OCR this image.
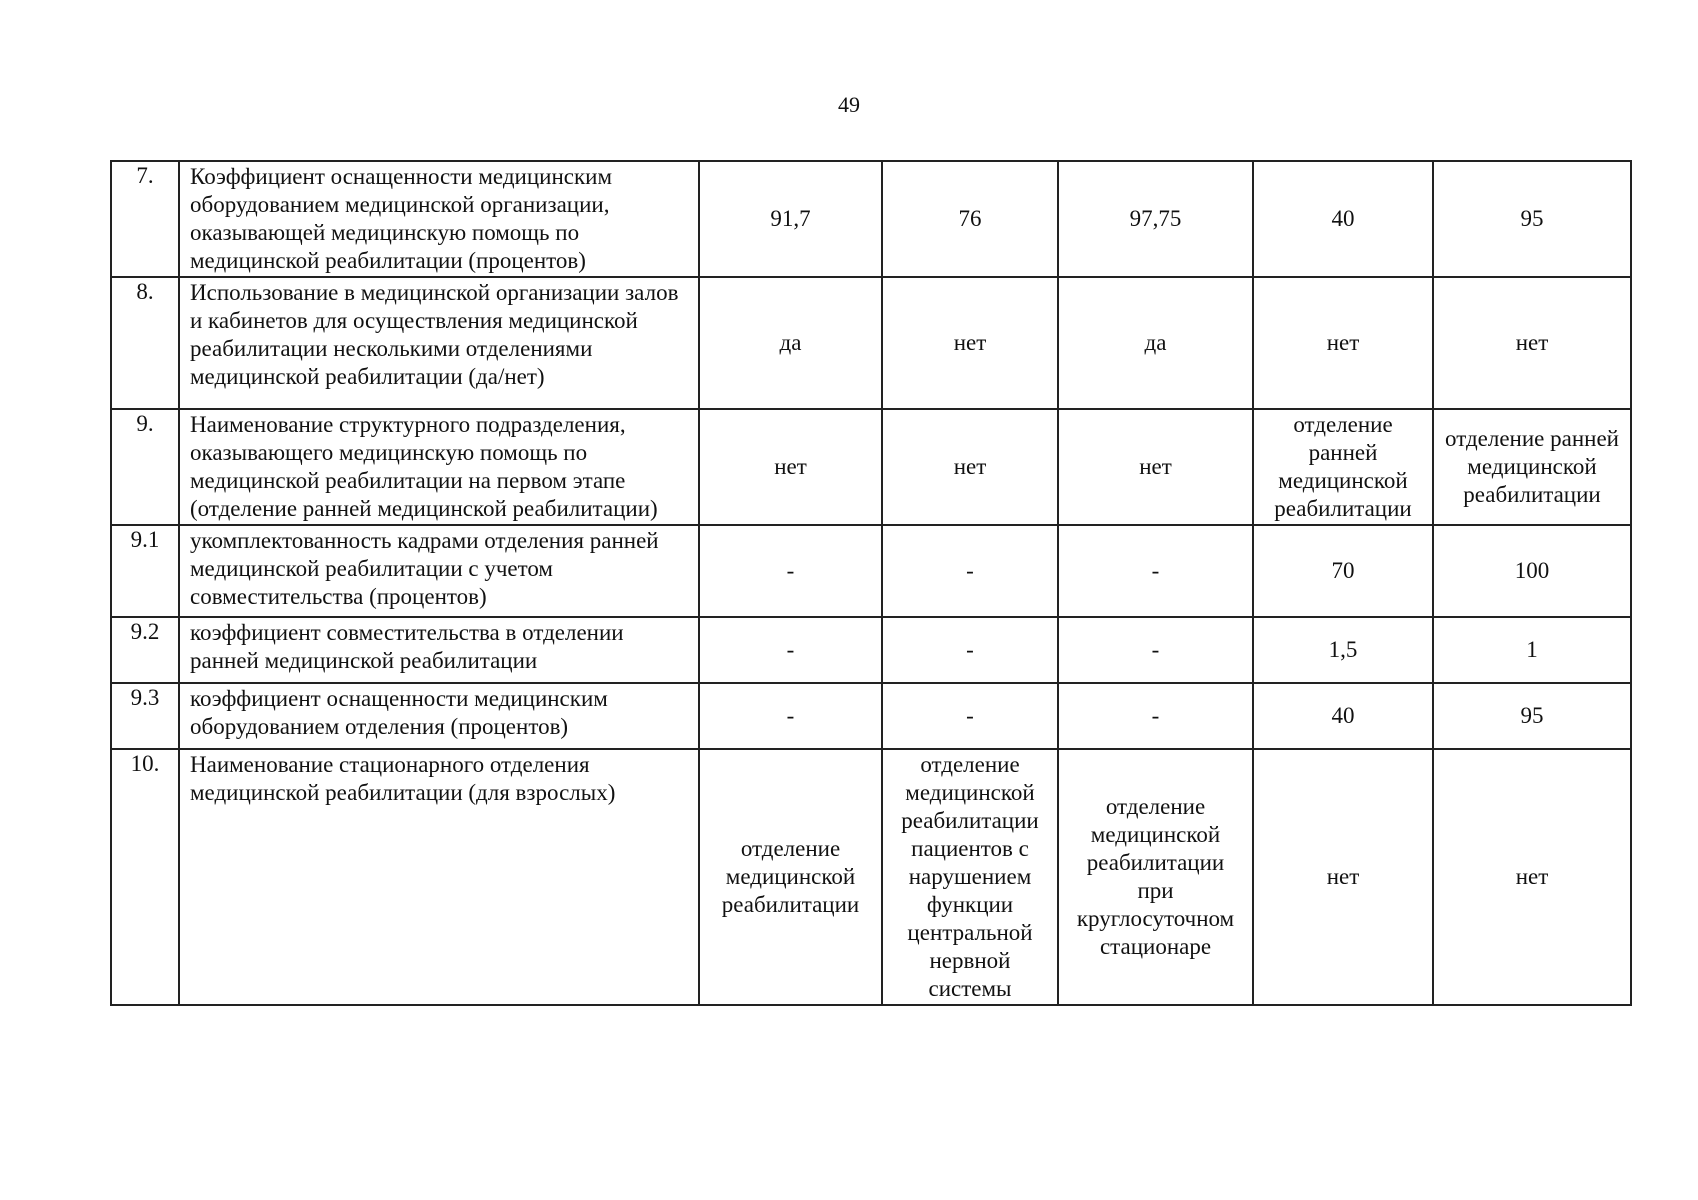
49
7.	Коэффициент оснащенности медицинским оборудованием медицинской организации, оказывающей медицинскую помощь по медицинской реабилитации (процентов)	91,7	76	97,75	40	95
8.	Использование в медицинской организации залов и кабинетов для осуществления медицинской реабилитации несколькими отделениями медицинской реабилитации (да/нет)	да	нет	да	нет	нет
9.	Наименование структурного подразделения, оказывающего медицинскую помощь по медицинской реабилитации на первом этапе (отделение ранней медицинской реабилитации)	нет	нет	нет	отделение ранней медицинской реабилитации	отделение ранней медицинской реабилитации
9.1	укомплектованность кадрами отделения ранней медицинской реабилитации с учетом совместительства (процентов)	-	-	-	70	100
9.2	коэффициент совместительства в отделении ранней медицинской реабилитации	-	-	-	1,5	1
9.3	коэффициент оснащенности медицинским оборудованием отделения (процентов)	-	-	-	40	95
10.	Наименование стационарного отделения медицинской реабилитации (для взрослых)	отделение медицинской реабилитации	отделение медицинской реабилитации пациентов с нарушением функции центральной нервной системы	отделение медицинской реабилитации при круглосуточном стационаре	нет	нет
